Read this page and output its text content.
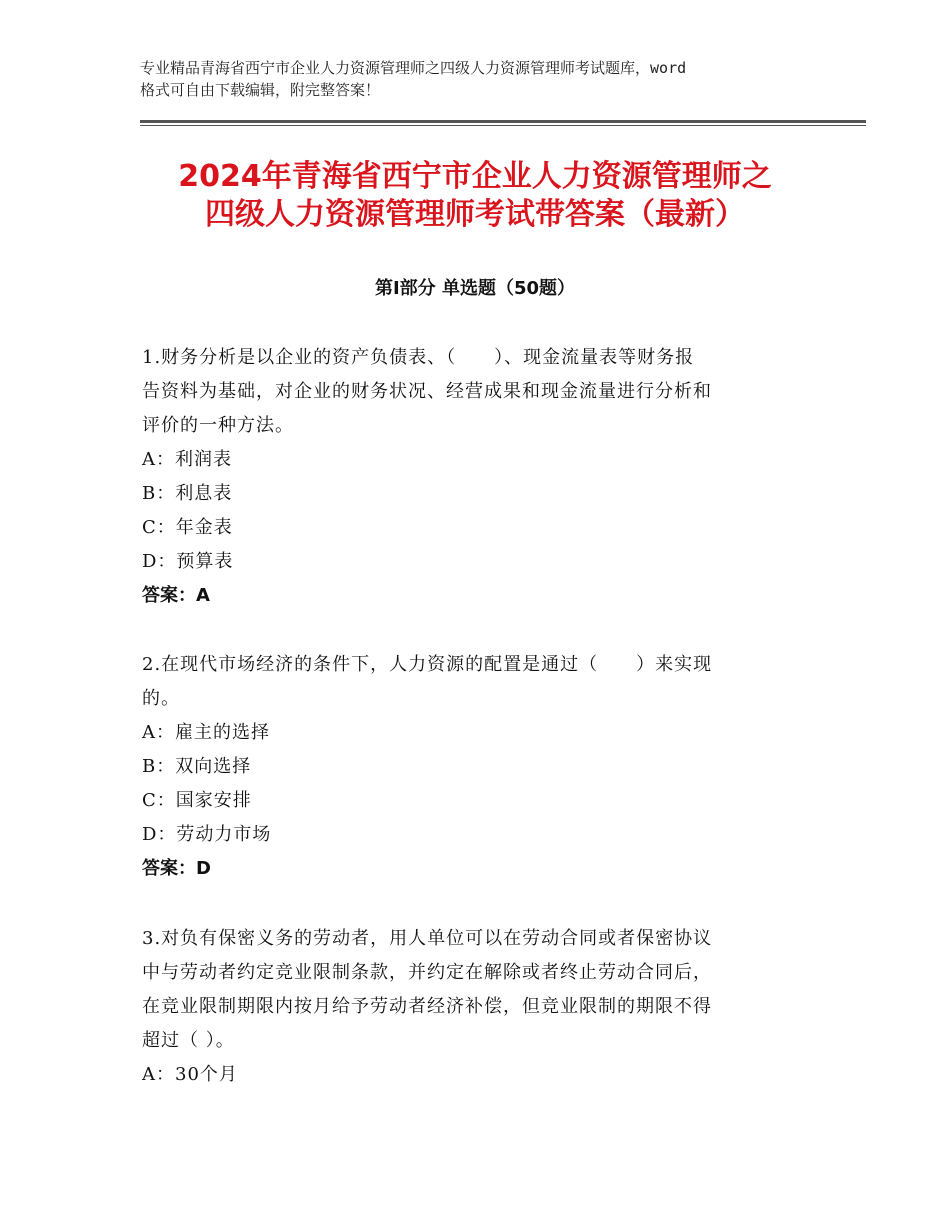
专业精品青海省西宁市企业人力资源管理师之四级人力资源管理师考试题库，word
格式可自由下载编辑，附完整答案！
2024年青海省西宁市企业人力资源管理师之
四级人力资源管理师考试带答案（最新）
第Ⅰ部分 单选题（50题）
1.财务分析是以企业的资产负债表、（　　）、现金流量表等财务报
告资料为基础，对企业的财务状况、经营成果和现金流量进行分析和
评价的一种方法。
A：利润表
B：利息表
C：年金表
D：预算表
答案：A
2.在现代市场经济的条件下，人力资源的配置是通过（　　）来实现
的。
A：雇主的选择
B：双向选择
C：国家安排
D：劳动力市场
答案：D
3.对负有保密义务的劳动者，用人单位可以在劳动合同或者保密协议
中与劳动者约定竞业限制条款，并约定在解除或者终止劳动合同后，
在竞业限制期限内按月给予劳动者经济补偿，但竞业限制的期限不得
超过（ ）。
A：30个月
